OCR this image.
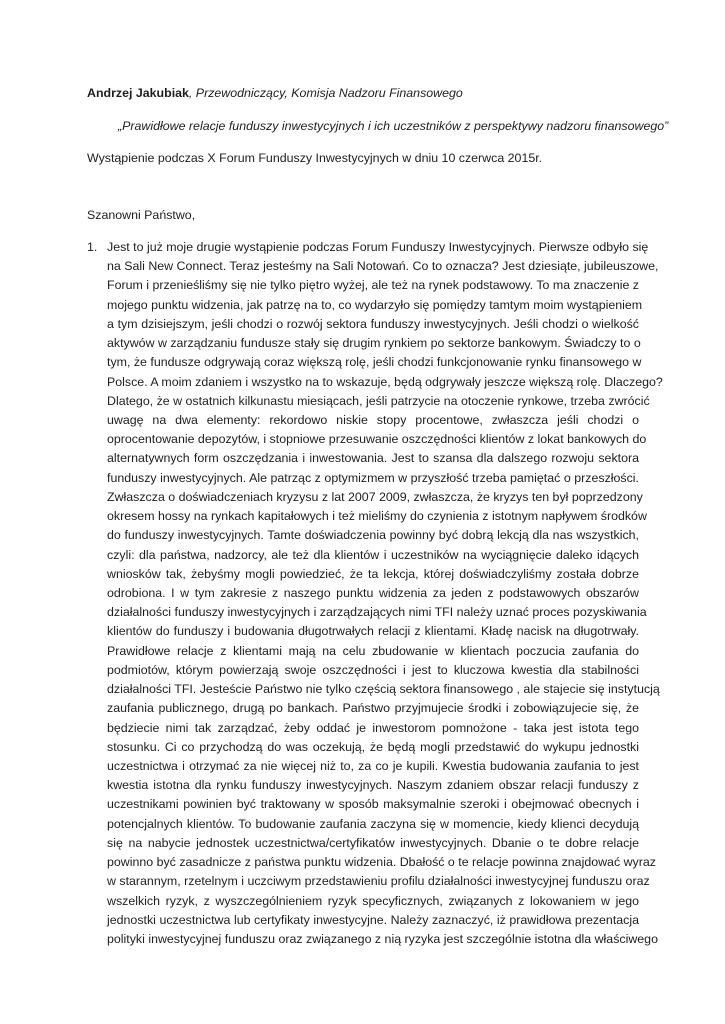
Andrzej Jakubiak, Przewodniczący, Komisja Nadzoru Finansowego
„Prawidłowe relacje funduszy inwestycyjnych i ich uczestników z perspektywy nadzoru finansowego”
Wystąpienie podczas X Forum Funduszy Inwestycyjnych w dniu 10 czerwca 2015r.
Szanowni Państwo,
1. Jest to już moje drugie wystąpienie podczas Forum Funduszy Inwestycyjnych. Pierwsze odbyło się
na Sali New Connect. Teraz jesteśmy na Sali Notowań. Co to oznacza? Jest dziesiąte, jubileuszowe,
Forum i przenieśliśmy się nie tylko piętro wyżej, ale też na rynek podstawowy. To ma znaczenie z
mojego punktu widzenia, jak patrzę na to, co wydarzyło się pomiędzy tamtym moim wystąpieniem
a tym dzisiejszym, jeśli chodzi o rozwój sektora funduszy inwestycyjnych. Jeśli chodzi o wielkość
aktywów w zarządzaniu fundusze stały się drugim rynkiem po sektorze bankowym. Świadczy to o
tym, że fundusze odgrywają coraz większą rolę, jeśli chodzi funkcjonowanie rynku finansowego w
Polsce. A moim zdaniem i wszystko na to wskazuje, będą odgrywały jeszcze większą rolę. Dlaczego?
Dlatego, że w ostatnich kilkunastu miesiącach, jeśli patrzycie na otoczenie rynkowe, trzeba zwrócić
uwagę na dwa elementy: rekordowo niskie stopy procentowe, zwłaszcza jeśli chodzi o
oprocentowanie depozytów, i stopniowe przesuwanie oszczędności klientów z lokat bankowych do
alternatywnych form oszczędzania i inwestowania. Jest to szansa dla dalszego rozwoju sektora
funduszy inwestycyjnych. Ale patrząc z optymizmem w przyszłość trzeba pamiętać o przeszłości.
Zwłaszcza o doświadczeniach kryzysu z lat 2007 2009, zwłaszcza, że kryzys ten był poprzedzony
okresem hossy na rynkach kapitałowych i też mieliśmy do czynienia z istotnym napływem środków
do funduszy inwestycyjnych. Tamte doświadczenia powinny być dobrą lekcją dla nas wszystkich,
czyli: dla państwa, nadzorcy, ale też dla klientów i uczestników na wyciągnięcie daleko idących
wniosków tak, żebyśmy mogli powiedzieć, że ta lekcja, której doświadczyliśmy została dobrze
odrobiona. I w tym zakresie z naszego punktu widzenia za jeden z podstawowych obszarów
działalności funduszy inwestycyjnych i zarządzających nimi TFI należy uznać proces pozyskiwania
klientów do funduszy i budowania długotrwałych relacji z klientami. Kładę nacisk na długotrwały.
Prawidłowe relacje z klientami mają na celu zbudowanie w klientach poczucia zaufania do
podmiotów, którym powierzają swoje oszczędności i jest to kluczowa kwestia dla stabilności
działalności TFI. Jesteście Państwo nie tylko częścią sektora finansowego , ale stajecie się instytucją
zaufania publicznego, drugą po bankach. Państwo przyjmujecie środki i zobowiązujecie się, że
będziecie nimi tak zarządzać, żeby oddać je inwestorom pomnożone - taka jest istota tego
stosunku. Ci co przychodzą do was oczekują, że będą mogli przedstawić do wykupu jednostki
uczestnictwa i otrzymać za nie więcej niż to, za co je kupili. Kwestia budowania zaufania to jest
kwestia istotna dla rynku funduszy inwestycyjnych. Naszym zdaniem obszar relacji funduszy z
uczestnikami powinien być traktowany w sposób maksymalnie szeroki i obejmować obecnych i
potencjalnych klientów. To budowanie zaufania zaczyna się w momencie, kiedy klienci decydują
się na nabycie jednostek uczestnictwa/certyfikatów inwestycyjnych. Dbanie o te dobre relacje
powinno być zasadnicze z państwa punktu widzenia. Dbałość o te relacje powinna znajdować wyraz
w starannym, rzetelnym i uczciwym przedstawieniu profilu działalności inwestycyjnej funduszu oraz
wszelkich ryzyk, z wyszczególnieniem ryzyk specyficznych, związanych z lokowaniem w jego
jednostki uczestnictwa lub certyfikaty inwestycyjne. Należy zaznaczyć, iż prawidłowa prezentacja
polityki inwestycyjnej funduszu oraz związanego z nią ryzyka jest szczególnie istotna dla właściwego
